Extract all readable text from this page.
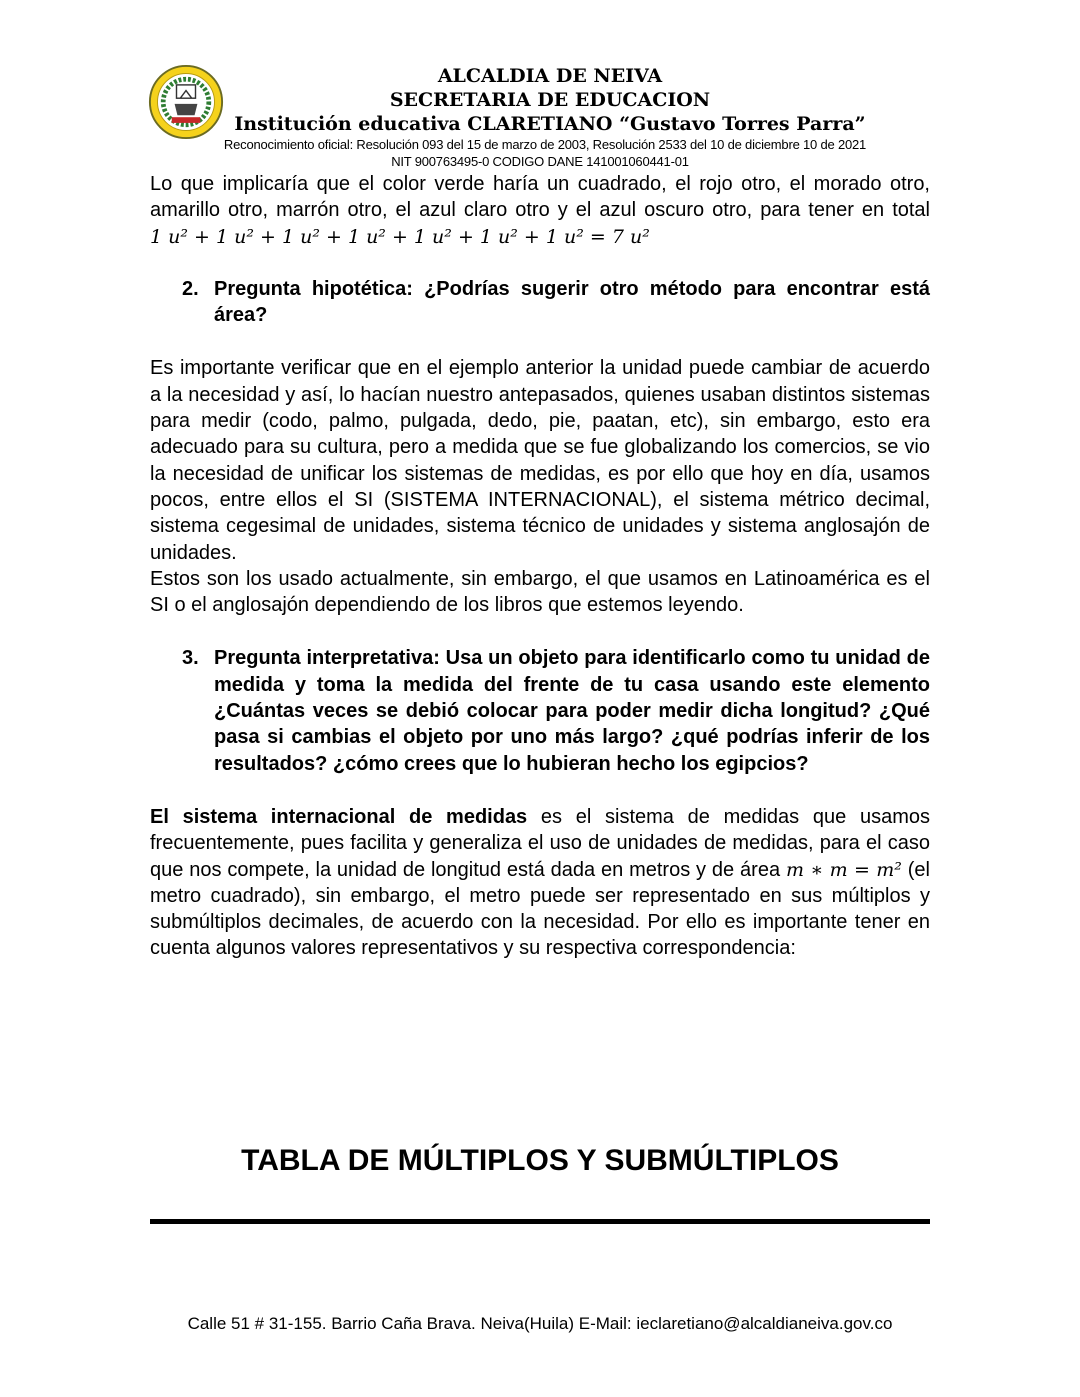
ALCALDIA DE NEIVA
SECRETARIA DE EDUCACION
Institución educativa CLARETIANO “Gustavo Torres Parra”
Reconocimiento oficial: Resolución 093 del 15 de marzo de 2003, Resolución 2533 del 10 de diciembre 10 de 2021
NIT 900763495-0 CODIGO DANE 141001060441-01

Lo que implicaría que el color verde haría un cuadrado, el rojo otro, el morado otro, amarillo otro, marrón otro, el azul claro otro y el azul oscuro otro, para tener en total 1 u² + 1 u² + 1 u² + 1 u² + 1 u² + 1 u² + 1 u² = 7 u²

2. Pregunta hipotética: ¿Podrías sugerir otro método para encontrar está área?

Es importante verificar que en el ejemplo anterior la unidad puede cambiar de acuerdo a la necesidad y así, lo hacían nuestro antepasados, quienes usaban distintos sistemas para medir (codo, palmo, pulgada, dedo, pie, paatan, etc), sin embargo, esto era adecuado para su cultura, pero a medida que se fue globalizando los comercios, se vio la necesidad de unificar los sistemas de medidas, es por ello que hoy en día, usamos pocos, entre ellos el SI (SISTEMA INTERNACIONAL), el sistema métrico decimal, sistema cegesimal de unidades, sistema técnico de unidades y sistema anglosajón de unidades.

Estos son los usado actualmente, sin embargo, el que usamos en Latinoamérica es el SI o el anglosajón dependiendo de los libros que estemos leyendo.

3. Pregunta interpretativa: Usa un objeto para identificarlo como tu unidad de medida y toma la medida del frente de tu casa usando este elemento ¿Cuántas veces se debió colocar para poder medir dicha longitud? ¿Qué pasa si cambias el objeto por uno más largo? ¿qué podrías inferir de los resultados? ¿cómo crees que lo hubieran hecho los egipcios?

El sistema internacional de medidas es el sistema de medidas que usamos frecuentemente, pues facilita y generaliza el uso de unidades de medidas, para el caso que nos compete, la unidad de longitud está dada en metros y de área m ∗ m = m² (el metro cuadrado), sin embargo, el metro puede ser representado en sus múltiplos y submúltiplos decimales, de acuerdo con la necesidad. Por ello es importante tener en cuenta algunos valores representativos y su respectiva correspondencia:

TABLA DE MÚLTIPLOS Y SUBMÚLTIPLOS
Calle 51 # 31-155. Barrio Caña Brava. Neiva(Huila) E-Mail: ieclaretiano@alcaldianeiva.gov.co
